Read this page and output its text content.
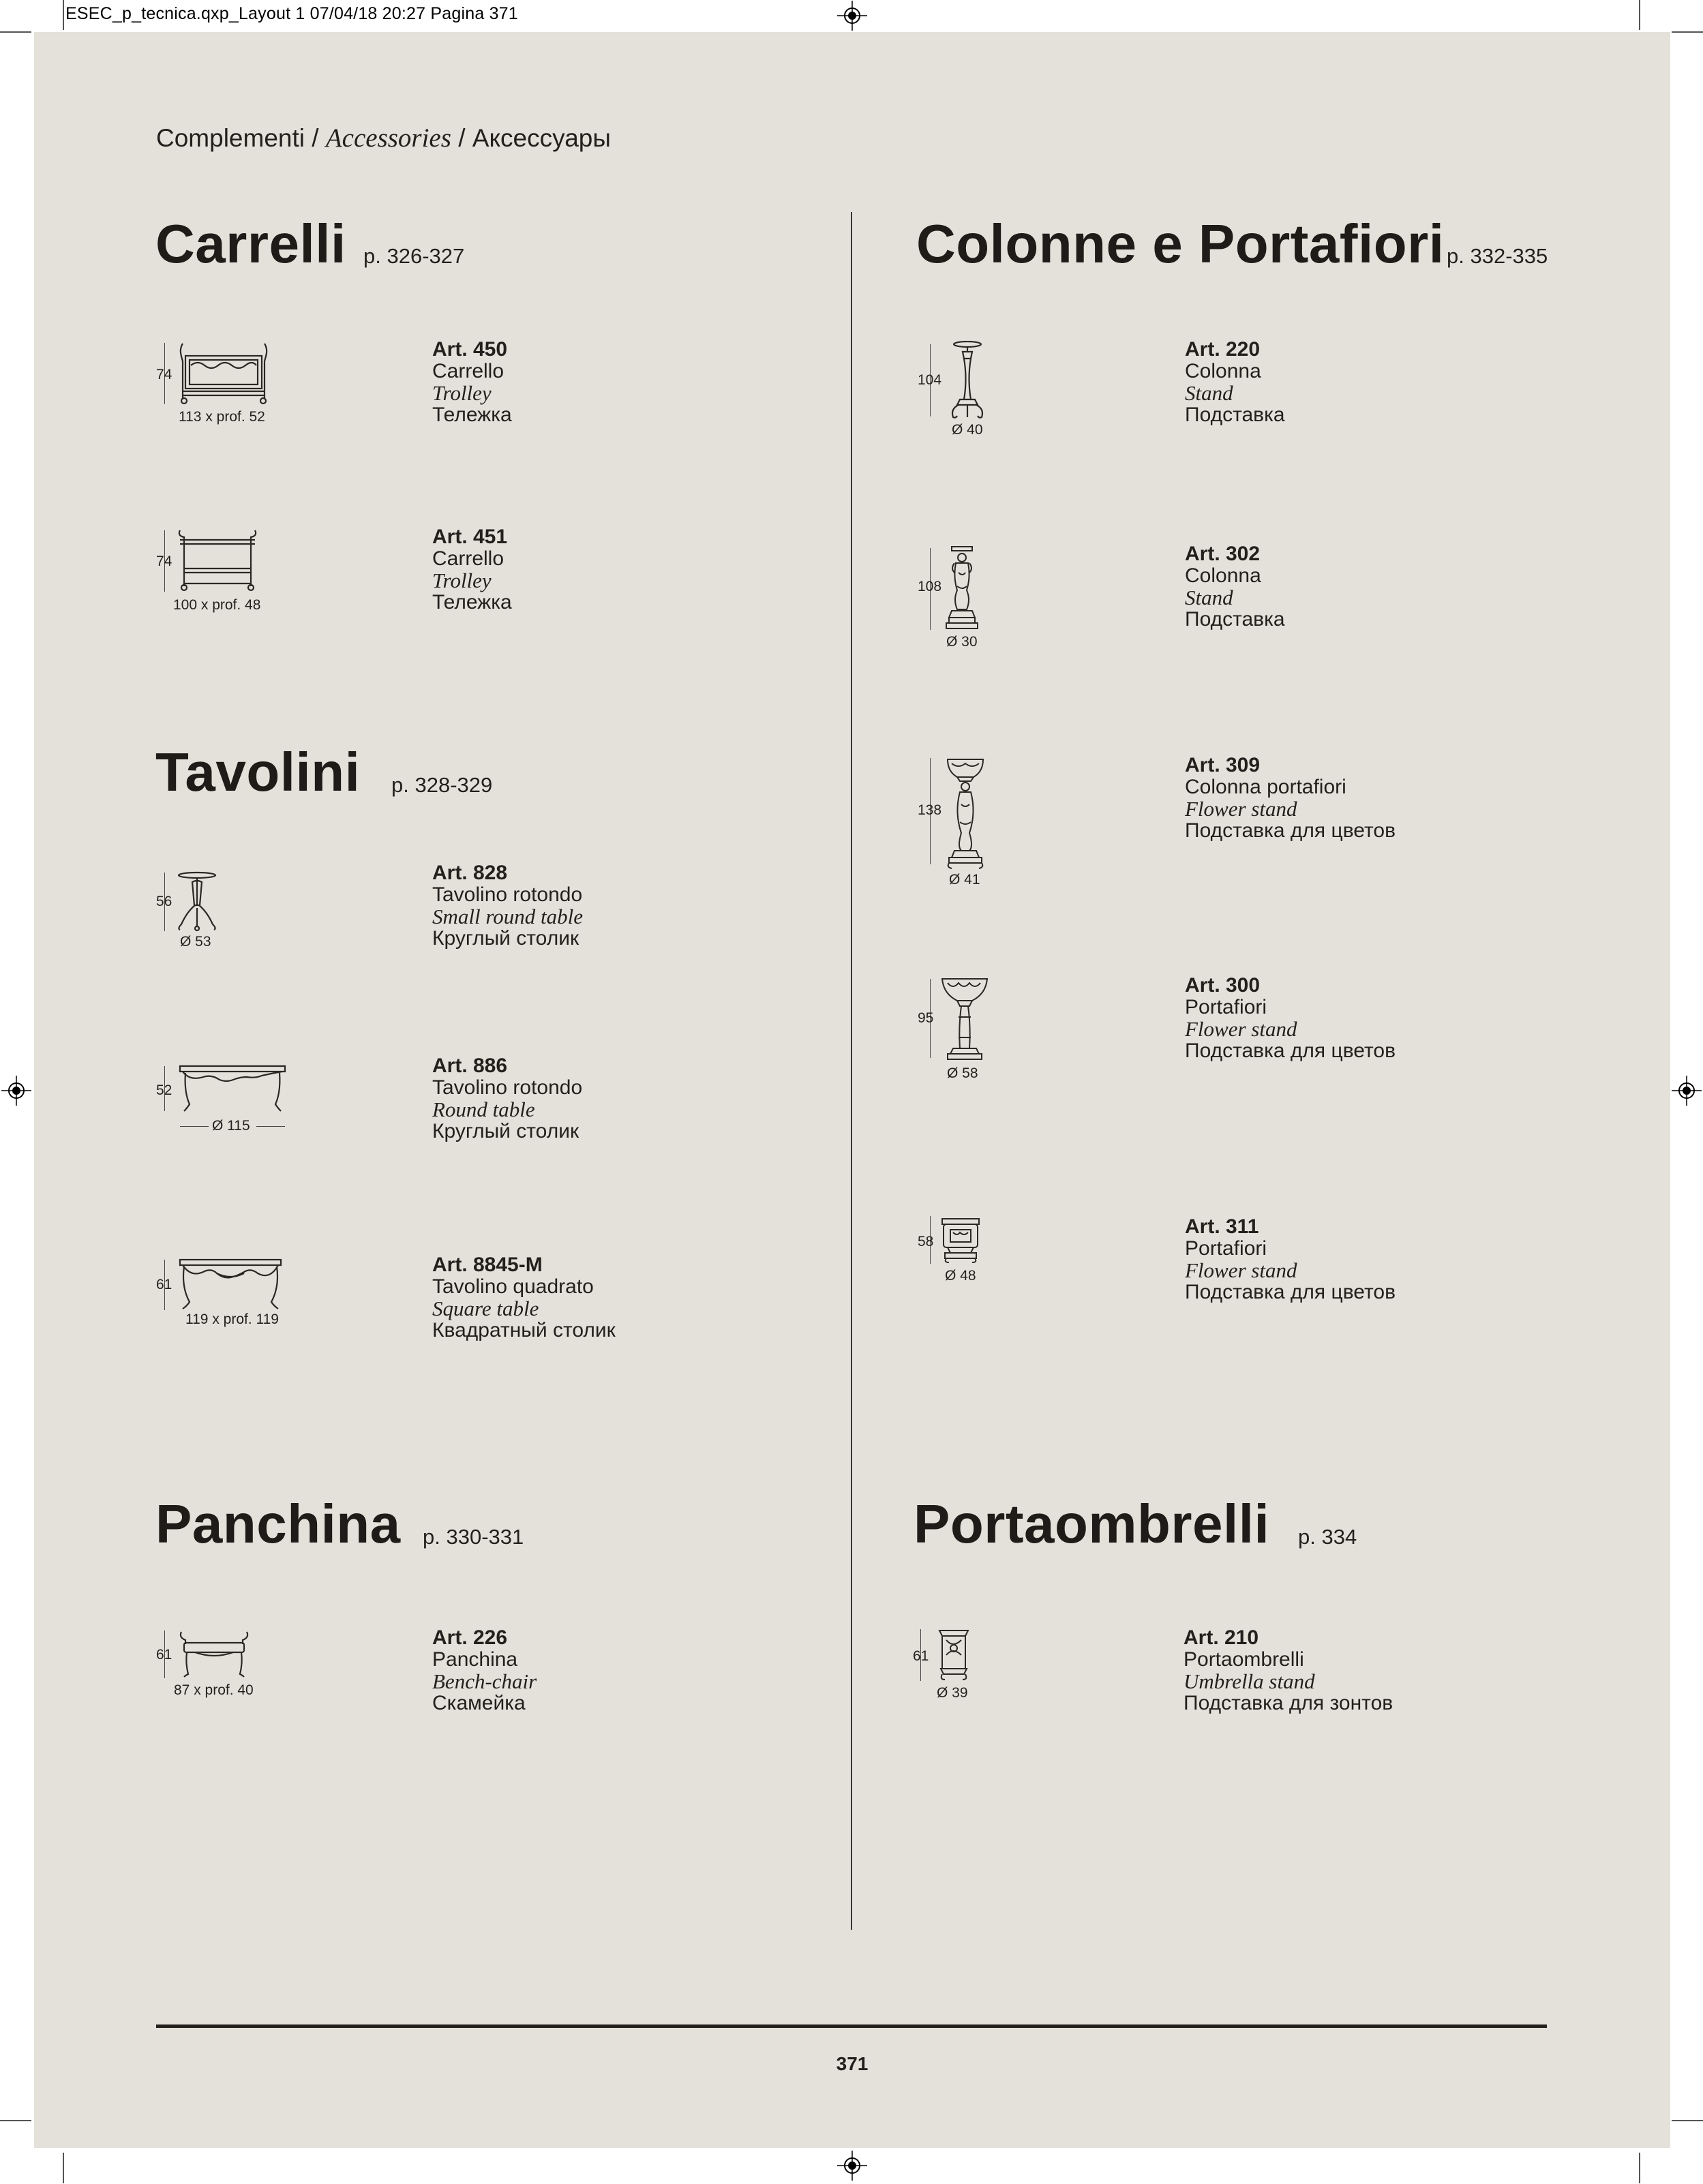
ESEC_p_tecnica.qxp_Layout 1 07/04/18 20:27 Pagina 371
Complementi / Accessories / Аксессуары
Carrelli p. 326-327
Tavolini p. 328-329
Panchina p. 330-331
Colonne e Portafiori p. 332-335
Portaombrelli p. 334
Art. 450
Carrello
Trolley
Тележка
74
113 x prof. 52
Art. 451
Carrello
Trolley
Тележка
74
100 x prof. 48
Art. 828
Tavolino rotondo
Small round table
Круглый столик
56
Ø 53
Art. 886
Tavolino rotondo
Round table
Круглый столик
52
Ø 115
Art. 8845-M
Tavolino quadrato
Square table
Квадратный столик
61
119 x prof. 119
Art. 226
Panchina
Bench-chair
Скамейка
61
87 x prof. 40
Art. 220
Colonna
Stand
Подставка
104
Ø 40
Art. 302
Colonna
Stand
Подставка
108
Ø 30
Art. 309
Colonna portafiori
Flower stand
Подставка для цветов
138
Ø 41
Art. 300
Portafiori
Flower stand
Подставка для цветов
95
Ø 58
Art. 311
Portafiori
Flower stand
Подставка для цветов
58
Ø 48
Art. 210
Portaombrelli
Umbrella stand
Подставка для зонтов
61
Ø 39
371
